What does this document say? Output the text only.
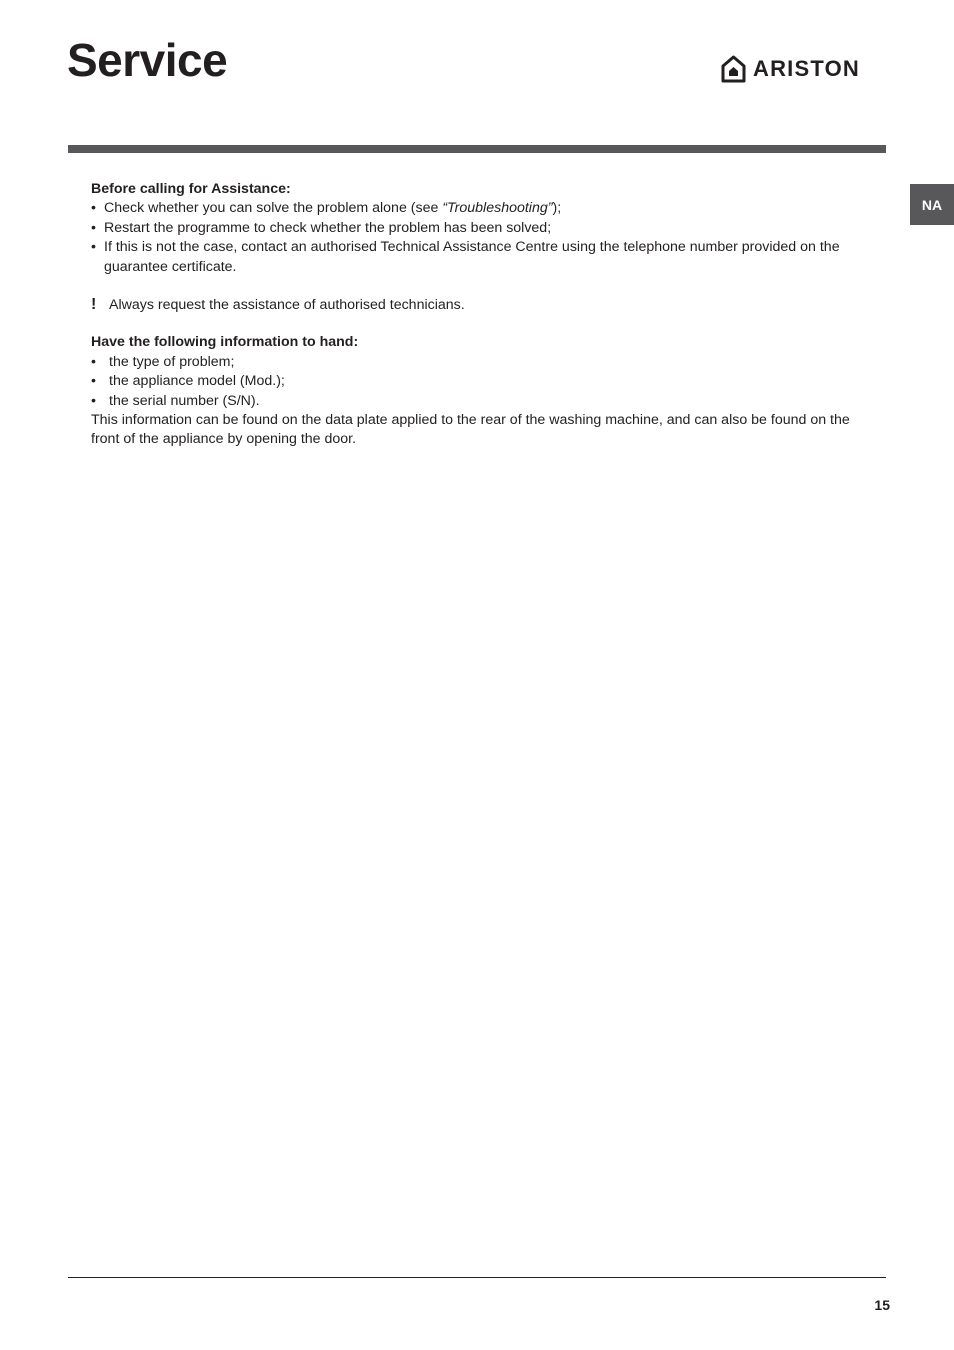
Service	ARISTON
NA

Before calling for Assistance:

• Check whether you can solve the problem alone (see “Troubleshooting”);
• Restart the programme to check whether the problem has been solved;
• If this is not the case, contact an authorised Technical Assistance Centre using the telephone number provided on the guarantee certificate.

! Always request the assistance of authorised technicians.

Have the following information to hand:

• the type of problem;
• the appliance model (Mod.);
• the serial number (S/N).

This information can be found on the data plate applied to the rear of the washing machine, and can also be found on the front of the appliance by opening the door.

15
